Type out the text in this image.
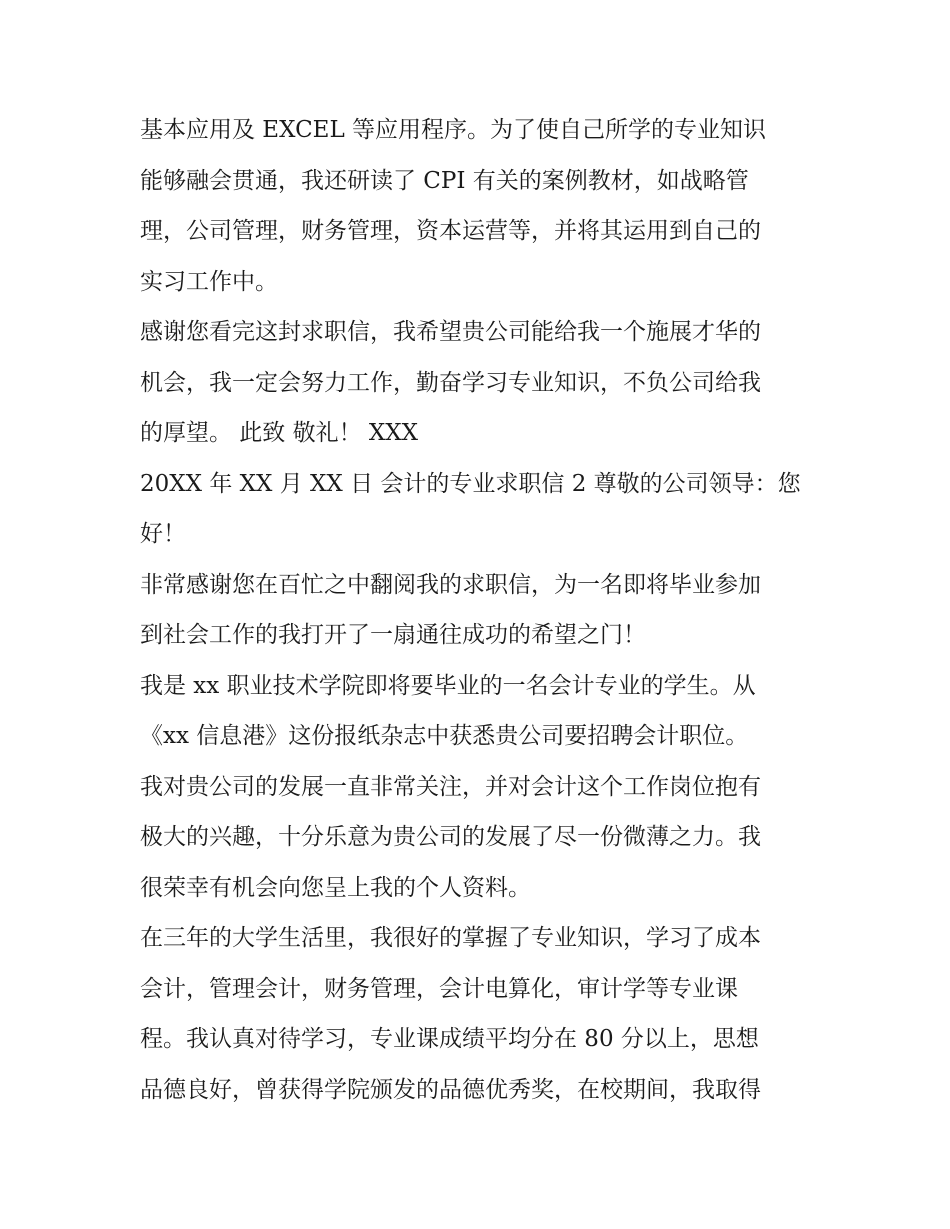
基本应用及 EXCEL 等应用程序。为了使自己所学的专业知识
能够融会贯通，我还研读了 CPI 有关的案例教材，如战略管
理，公司管理，财务管理，资本运营等，并将其运用到自己的
实习工作中。
感谢您看完这封求职信，我希望贵公司能给我一个施展才华的
机会，我一定会努力工作，勤奋学习专业知识，不负公司给我
的厚望。 此致 敬礼！ XXX
20XX 年 XX 月 XX 日 会计的专业求职信 2 尊敬的公司领导：您
好！
非常感谢您在百忙之中翻阅我的求职信，为一名即将毕业参加
到社会工作的我打开了一扇通往成功的希望之门！
我是 xx 职业技术学院即将要毕业的一名会计专业的学生。从
《xx 信息港》这份报纸杂志中获悉贵公司要招聘会计职位。
我对贵公司的发展一直非常关注，并对会计这个工作岗位抱有
极大的兴趣，十分乐意为贵公司的发展了尽一份微薄之力。我
很荣幸有机会向您呈上我的个人资料。
在三年的大学生活里，我很好的掌握了专业知识，学习了成本
会计，管理会计，财务管理，会计电算化，审计学等专业课
程。我认真对待学习，专业课成绩平均分在 80 分以上，思想
品德良好，曾获得学院颁发的品德优秀奖，在校期间，我取得
